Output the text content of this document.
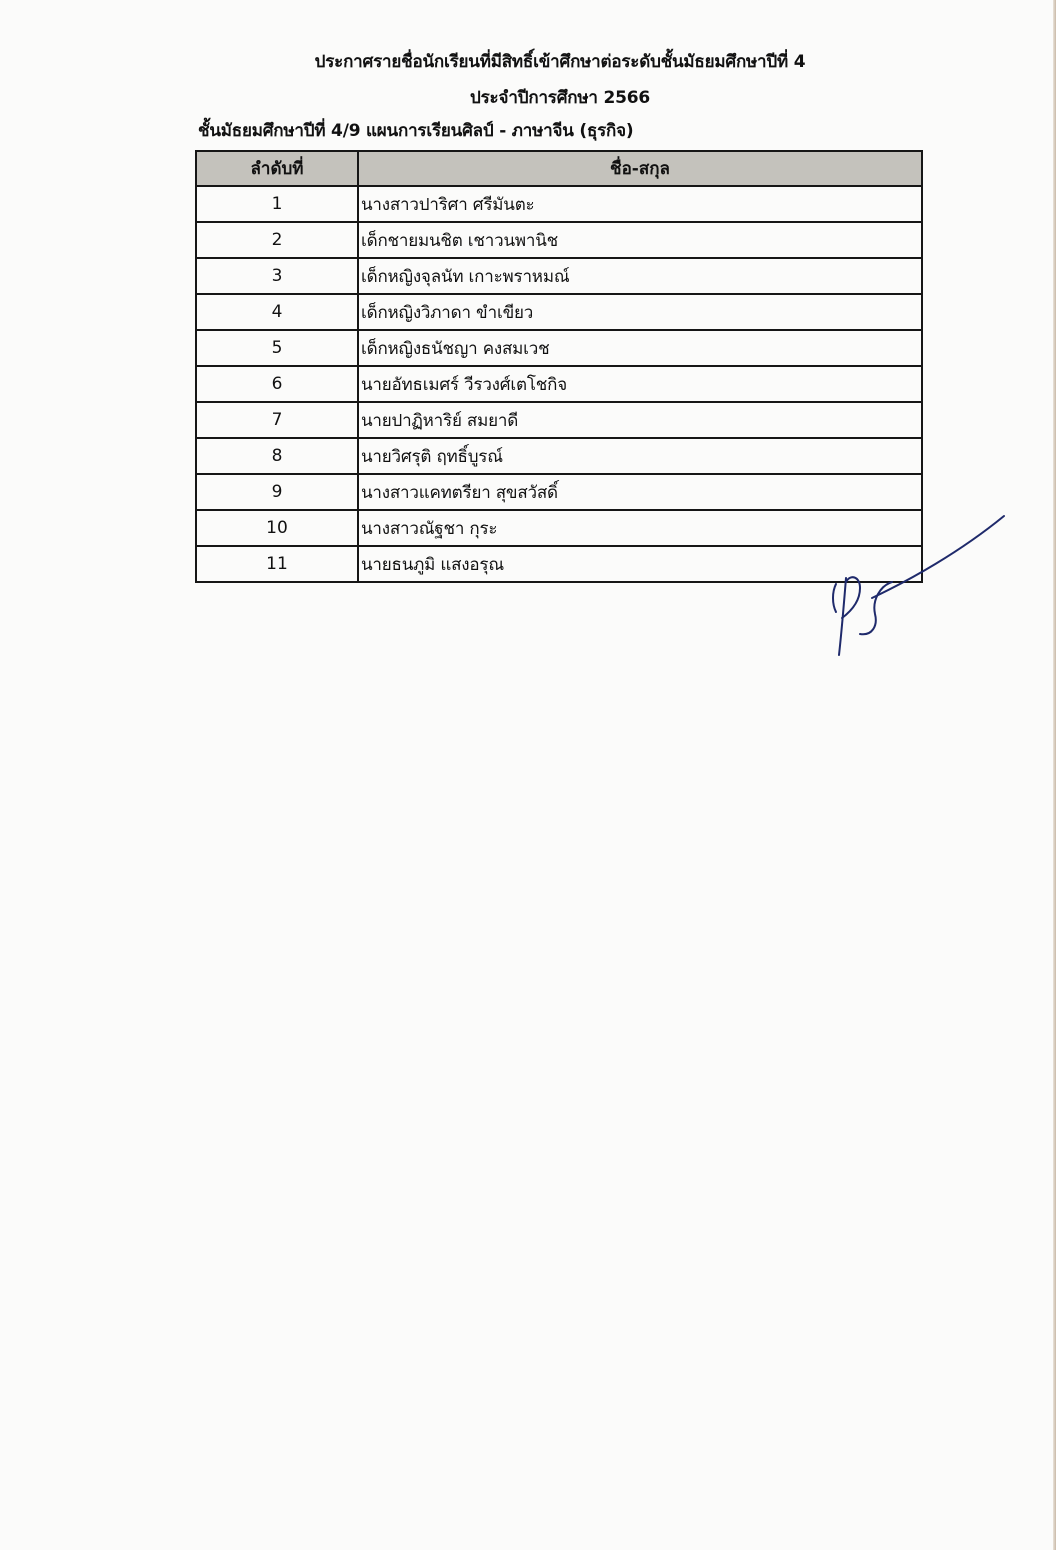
ประกาศรายชื่อนักเรียนที่มีสิทธิ์เข้าศึกษาต่อระดับชั้นมัธยมศึกษาปีที่ 4
ประจำปีการศึกษา 2566
ชั้นมัธยมศึกษาปีที่ 4/9 แผนการเรียนศิลป์ - ภาษาจีน (ธุรกิจ)
ลำดับที่	ชื่อ-สกุล
1	นางสาวปาริศา ศรีมันตะ
2	เด็กชายมนชิต เชาวนพานิช
3	เด็กหญิงจุลนัท เกาะพราหมณ์
4	เด็กหญิงวิภาดา ขำเขียว
5	เด็กหญิงธนัชญา คงสมเวช
6	นายอัทธเมศร์ วีรวงศ์เตโชกิจ
7	นายปาฏิหาริย์ สมยาดี
8	นายวิศรุติ ฤทธิ์บูรณ์
9	นางสาวแคทตรียา สุขสวัสดิ์
10	นางสาวณัฐชา กุระ
11	นายธนภูมิ แสงอรุณ
